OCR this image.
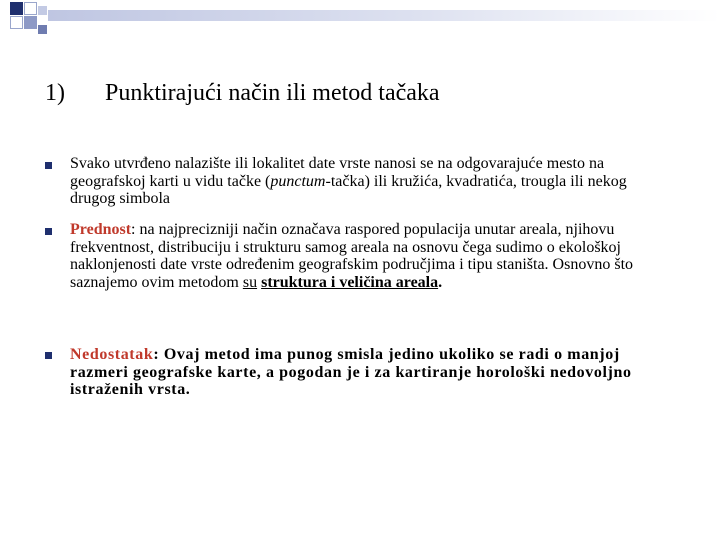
1) Punktirajući način ili metod tačaka
Svako utvrđeno nalazište ili lokalitet date vrste nanosi se na odgovarajuće mesto na geografskoj karti u vidu tačke (punctum-tačka) ili kružića, kvadratića, trougla ili nekog drugog simbola
Prednost: na najprecizniji način označava raspored populacija unutar areala, njihovu frekventnost, distribuciju i strukturu samog areala na osnovu čega sudimo o ekološkoj naklonjenosti date vrste određenim geografskim područjima i tipu staništa. Osnovno što saznajemo ovim metodom su struktura i veličina areala.
Nedostatak: Ovaj metod ima punog smisla jedino ukoliko se radi o manjoj razmeri geografske karte, a pogodan je i za kartiranje horološki nedovoljno istraženih vrsta.
